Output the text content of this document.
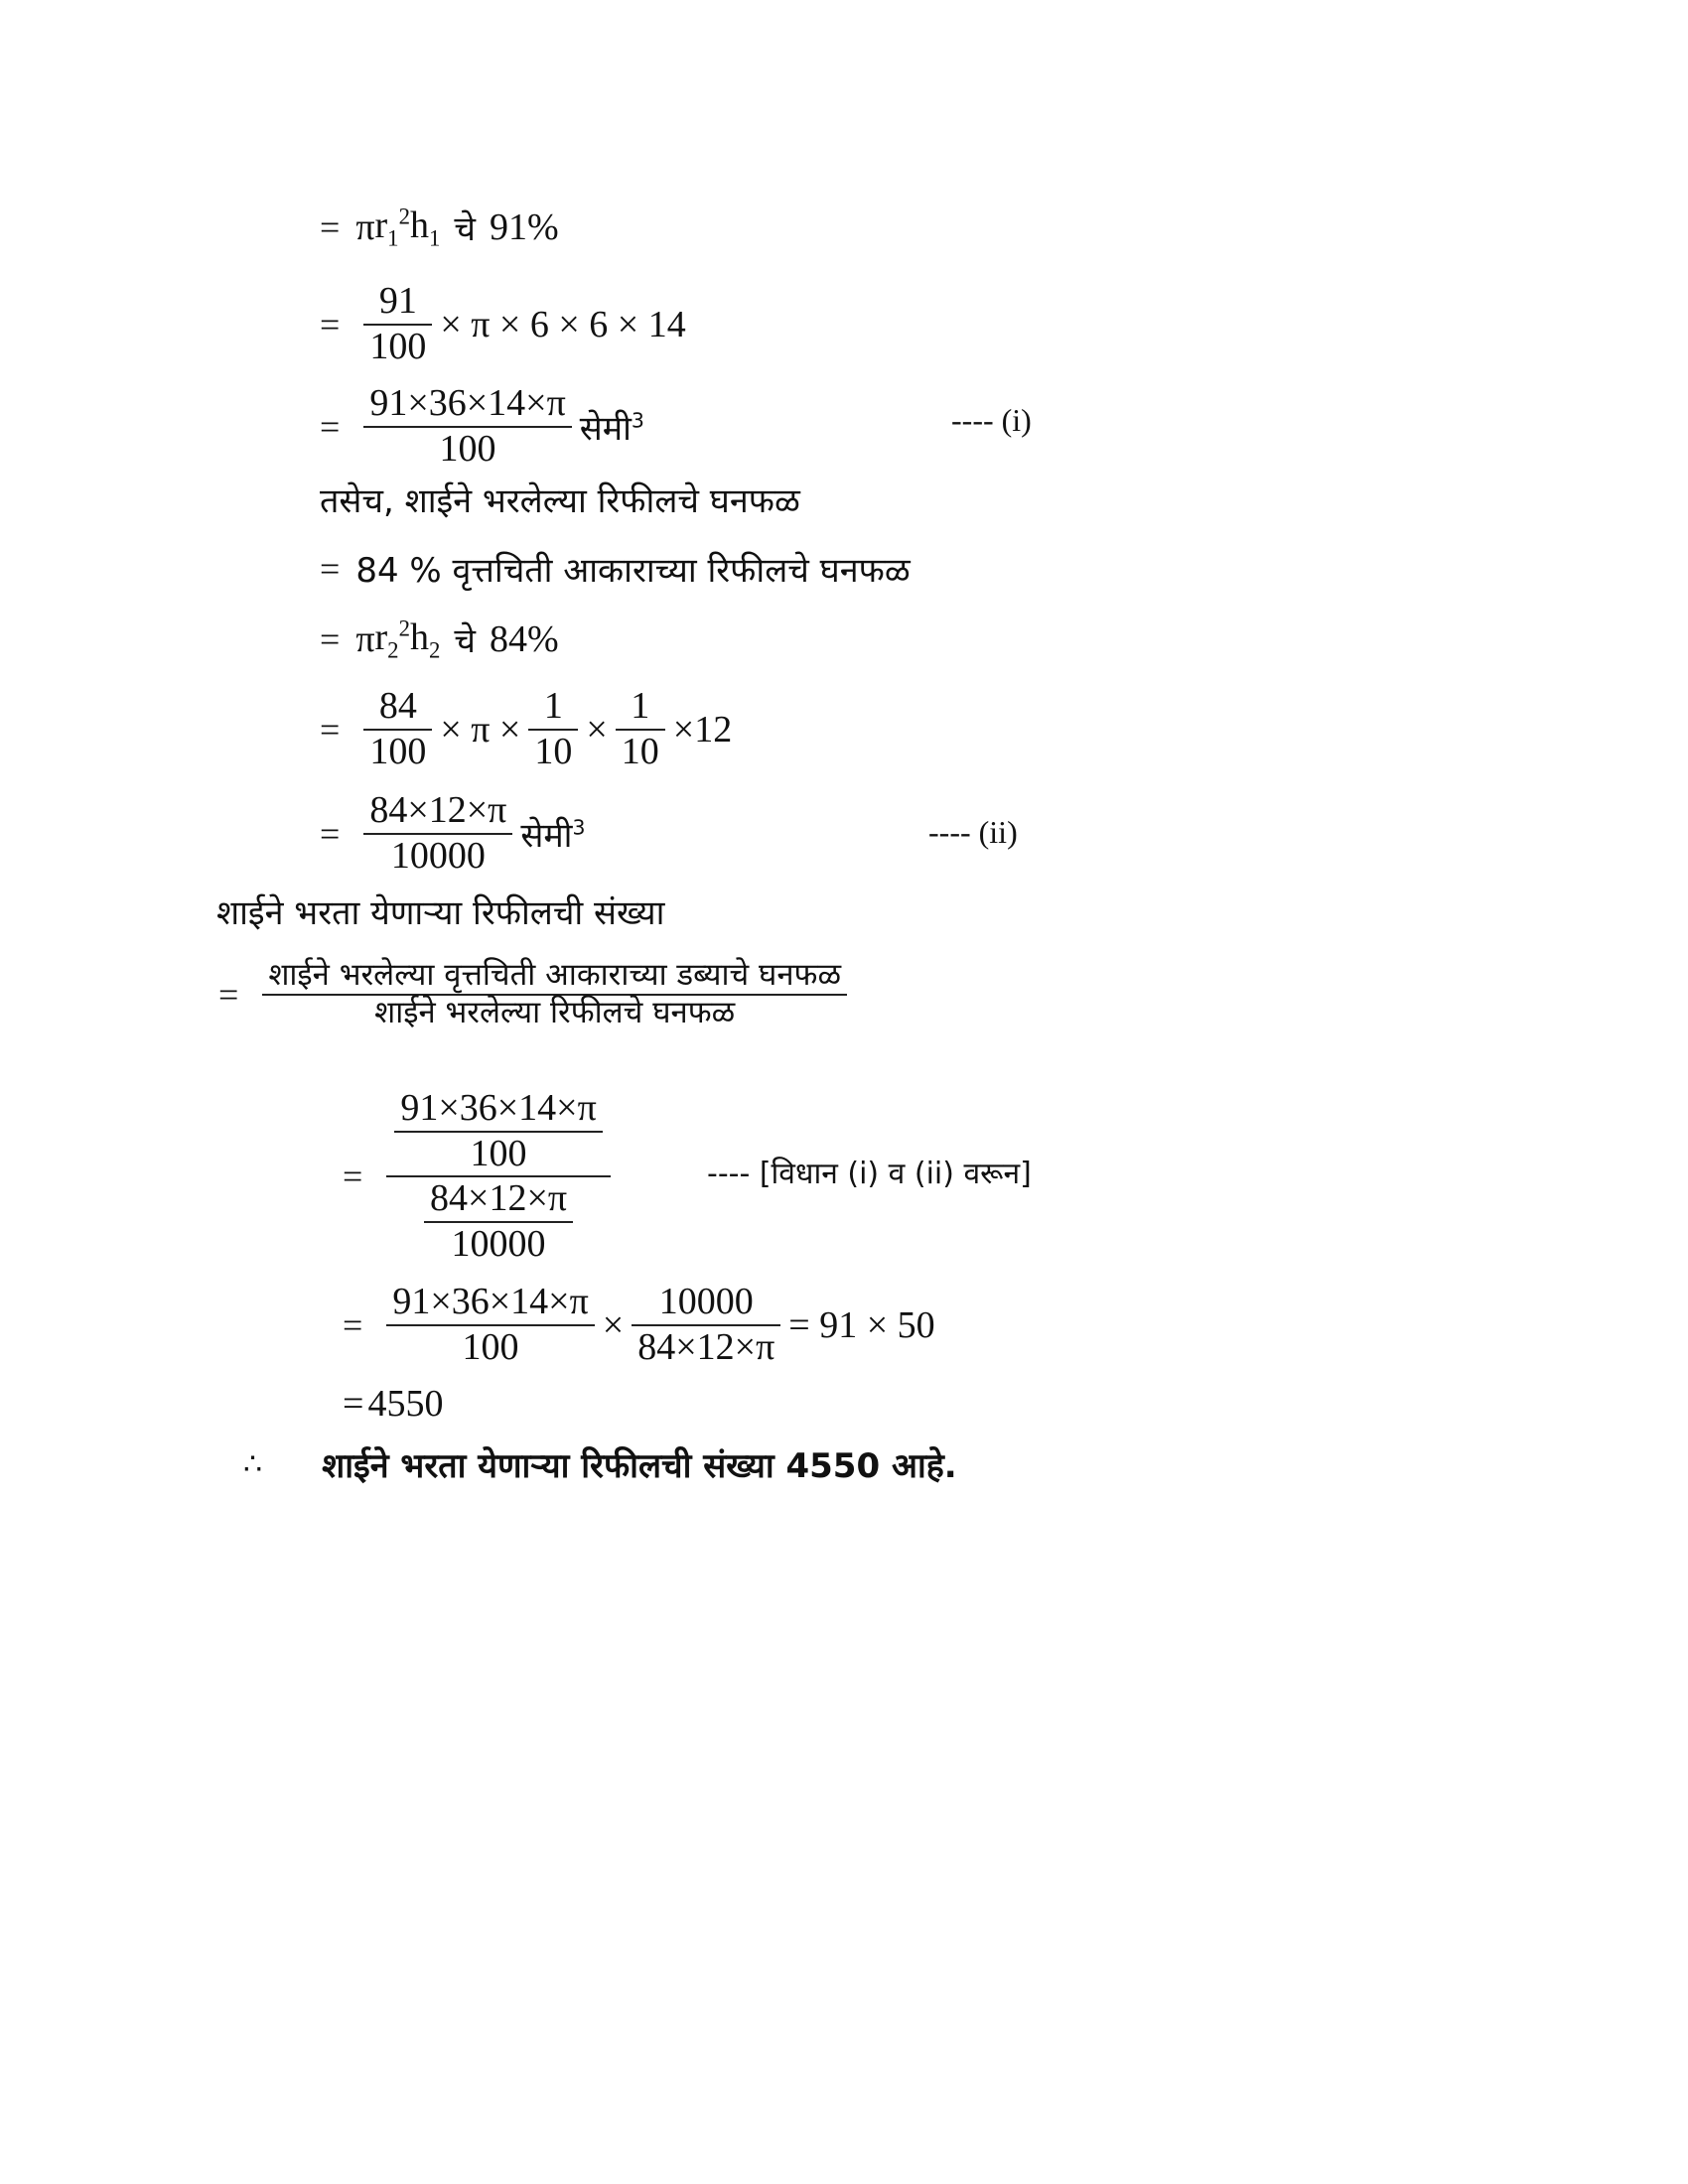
= π $r_1^2$ $h_1$ चे 91%
= $\frac{91}{100} \times \pi \times 6 \times 6 \times 14$
= $\frac{91\times 36\times 14\times\pi}{100}$ सेमी$^3$	---- (i)
तसेच, शाईने भरलेल्या रिफीलचे घनफळ
= 84 % वृत्तचिती आकाराच्या रिफीलचे घनफळ
= π $r_2^2$ $h_2$ चे 84%
= $\frac{84}{100} \times \pi \times \frac{1}{10} \times \frac{1}{10} \times 12$
= $\frac{84\times 12\times\pi}{10000}$ सेमी$^3$	---- (ii)
शाईने भरता येणाऱ्या रिफीलची संख्या
= $\frac{\text{शाईने भरलेल्या वृत्तचिती आकाराच्या डब्याचे घनफळ}}{\text{शाईने भरलेल्या रिफीलचे घनफळ}}$
= $\frac{\frac{91\times 36\times 14\times\pi}{100}}{\frac{84\times 12\times\pi}{10000}}$	---- [विधान (i) व (ii) वरून]
= $\frac{91\times 36\times 14\times\pi}{100} \times \frac{10000}{84\times 12\times\pi} = 91 \times 50$
= 4550
∴ शाईने भरता येणाऱ्या रिफीलची संख्या 4550 आहे.
